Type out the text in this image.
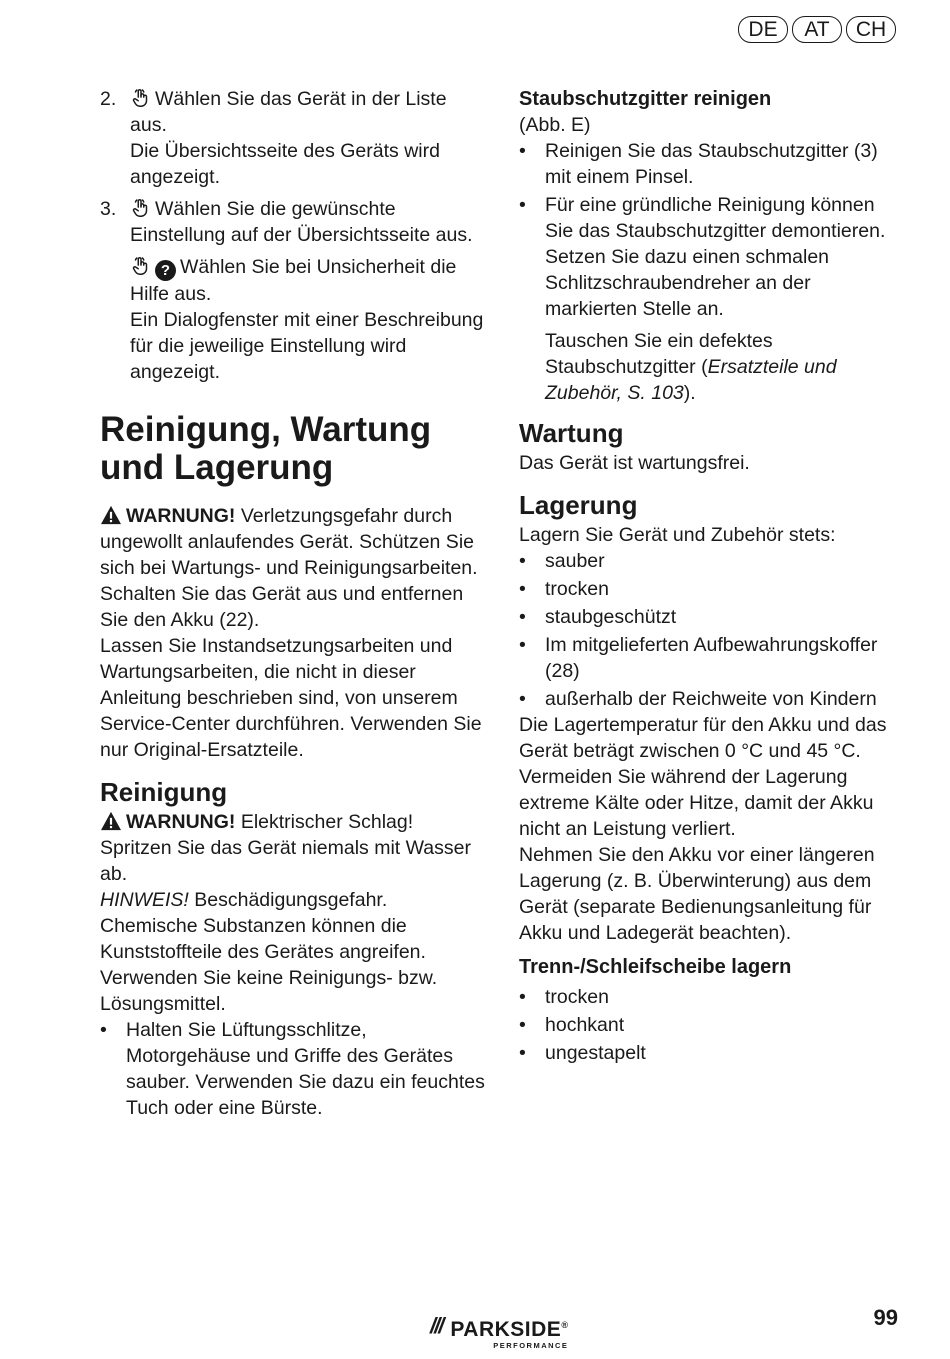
DE	AT	CH
2.	Wählen Sie das Gerät in der Liste aus.

Die Übersichtsseite des Geräts wird angezeigt.

3.	Wählen Sie die gewünschte Einstellung auf der Übersichtsseite aus.

? Wählen Sie bei Unsicherheit die Hilfe aus.

Ein Dialogfenster mit einer Beschreibung für die jeweilige Einstellung wird angezeigt.

Reinigung, Wartung und Lagerung

WARNUNG! Verletzungsgefahr durch ungewollt anlaufendes Gerät. Schützen Sie sich bei Wartungs- und Reinigungsarbeiten. Schalten Sie das Gerät aus und entfernen Sie den Akku (22).

Lassen Sie Instandsetzungsarbeiten und Wartungsarbeiten, die nicht in dieser Anleitung beschrieben sind, von unserem Service-Center durchführen. Verwenden Sie nur Original-Ersatzteile.

Reinigung

WARNUNG! Elektrischer Schlag! Spritzen Sie das Gerät niemals mit Wasser ab.

HINWEIS! Beschädigungsgefahr. Chemische Substanzen können die Kunststoffteile des Gerätes angreifen. Verwenden Sie keine Reinigungs- bzw. Lösungsmittel.

• Halten Sie Lüftungsschlitze, Motorgehäuse und Griffe des Gerätes sauber. Verwenden Sie dazu ein feuchtes Tuch oder eine Bürste.
Staubschutzgitter reinigen

(Abb. E)

• Reinigen Sie das Staubschutzgitter (3) mit einem Pinsel.
• Für eine gründliche Reinigung können Sie das Staubschutzgitter demontieren. Setzen Sie dazu einen schmalen Schlitzschraubendreher an der markierten Stelle an.

Tauschen Sie ein defektes Staubschutzgitter (Ersatzteile und Zubehör, S. 103).

Wartung

Das Gerät ist wartungsfrei.

Lagerung

Lagern Sie Gerät und Zubehör stets:

• sauber
• trocken
• staubgeschützt
• Im mitgelieferten Aufbewahrungskoffer (28)
• außerhalb der Reichweite von Kindern

Die Lagertemperatur für den Akku und das Gerät beträgt zwischen 0 °C und 45 °C. Vermeiden Sie während der Lagerung extreme Kälte oder Hitze, damit der Akku nicht an Leistung verliert.

Nehmen Sie den Akku vor einer längeren Lagerung (z. B. Überwinterung) aus dem Gerät (separate Bedienungsanleitung für Akku und Ladegerät beachten).

Trenn-/Schleifscheibe lagern
• trocken
• hochkant
• ungestapelt
/// PARKSIDE®
PERFORMANCE
99
